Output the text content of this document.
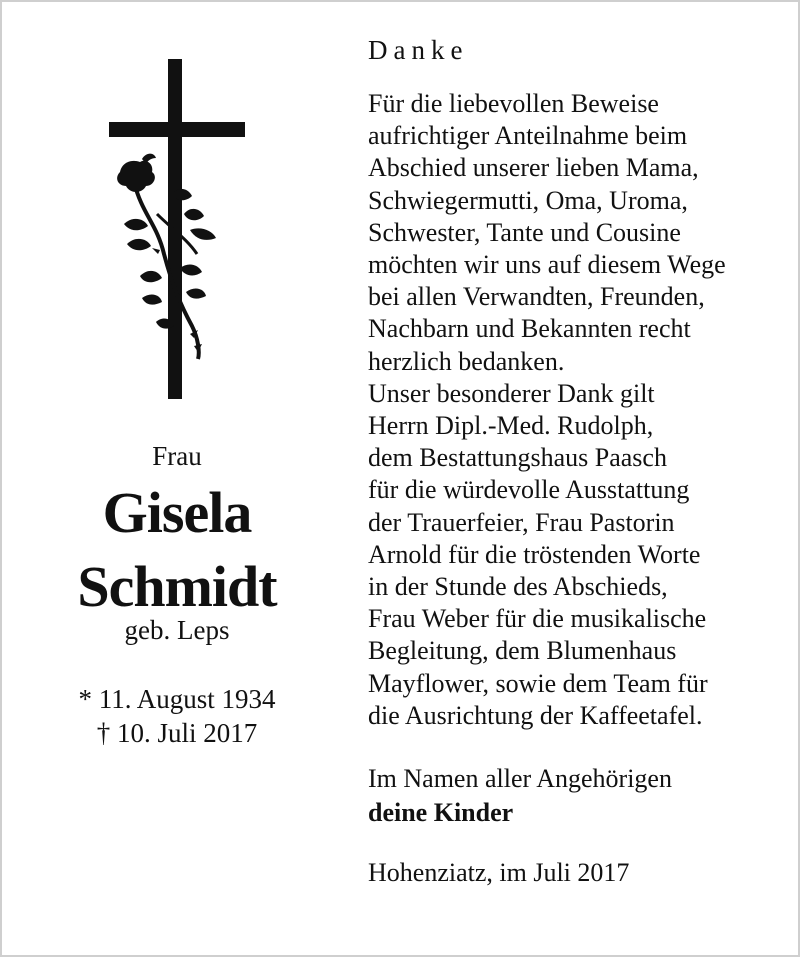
Frau
Gisela
Schmidt
geb. Leps
* 11. August 1934
† 10. Juli 2017
Danke
Für die liebevollen Beweise
aufrichtiger Anteilnahme beim
Abschied unserer lieben Mama,
Schwiegermutti, Oma, Uroma,
Schwester, Tante und Cousine
möchten wir uns auf diesem Wege
bei allen Verwandten, Freunden,
Nachbarn und Bekannten recht
herzlich bedanken.
Unser besonderer Dank gilt
Herrn Dipl.-Med. Rudolph,
dem Bestattungshaus Paasch
für die würdevolle Ausstattung
der Trauerfeier, Frau Pastorin
Arnold für die tröstenden Worte
in der Stunde des Abschieds,
Frau Weber für die musikalische
Begleitung, dem Blumenhaus
Mayflower, sowie dem Team für
die Ausrichtung der Kaffeetafel.
Im Namen aller Angehörigen
deine Kinder
Hohenziatz, im Juli 2017
